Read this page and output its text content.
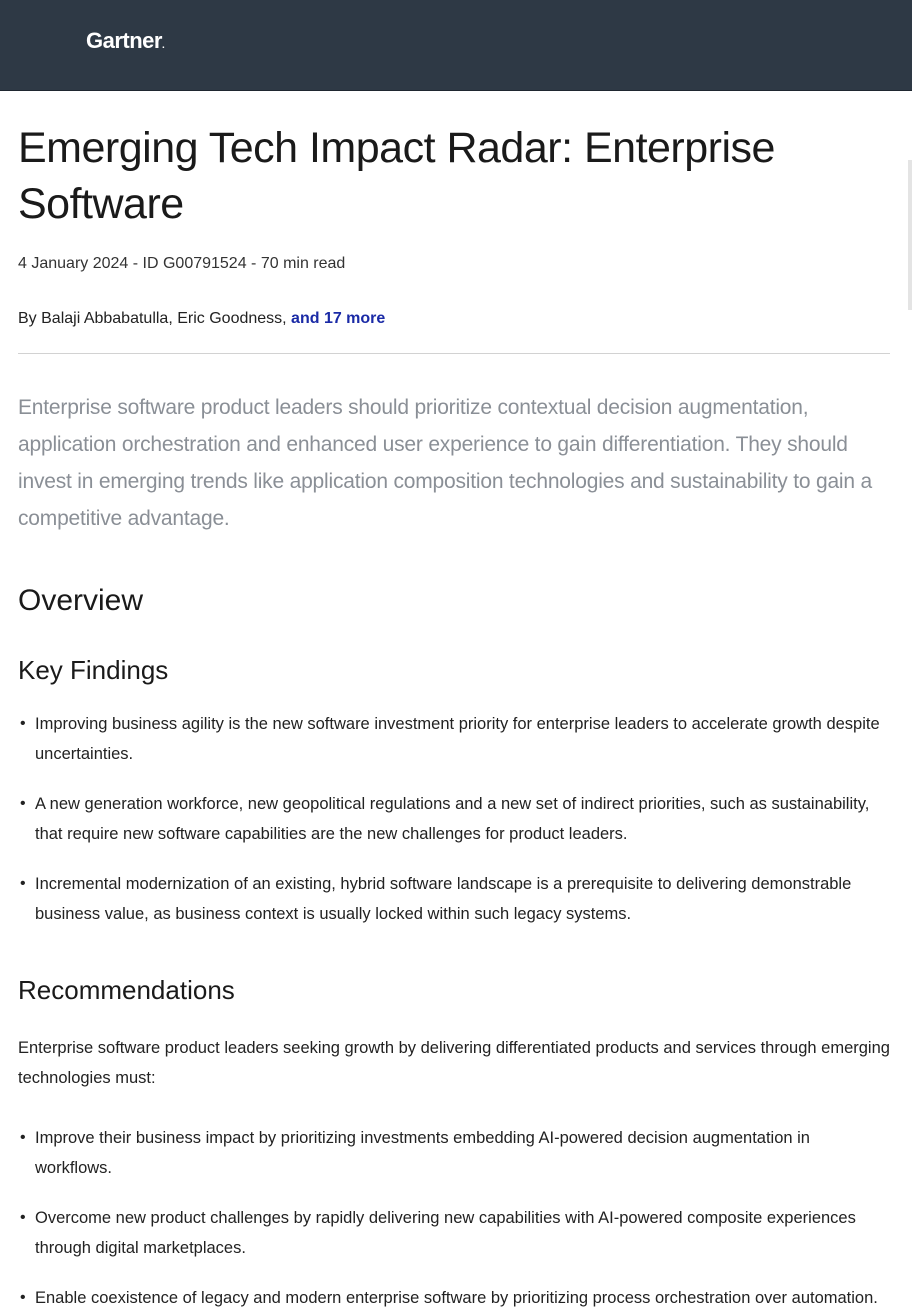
Gartner.
Emerging Tech Impact Radar: Enterprise Software
4 January 2024 - ID G00791524 - 70 min read
By Balaji Abbabatulla, Eric Goodness, and 17 more
Enterprise software product leaders should prioritize contextual decision augmentation, application orchestration and enhanced user experience to gain differentiation. They should invest in emerging trends like application composition technologies and sustainability to gain a competitive advantage.
Overview
Key Findings
• Improving business agility is the new software investment priority for enterprise leaders to accelerate growth despite uncertainties.
• A new generation workforce, new geopolitical regulations and a new set of indirect priorities, such as sustainability, that require new software capabilities are the new challenges for product leaders.
• Incremental modernization of an existing, hybrid software landscape is a prerequisite to delivering demonstrable business value, as business context is usually locked within such legacy systems.
Recommendations
Enterprise software product leaders seeking growth by delivering differentiated products and services through emerging technologies must:
• Improve their business impact by prioritizing investments embedding AI-powered decision augmentation in workflows.
• Overcome new product challenges by rapidly delivering new capabilities with AI-powered composite experiences through digital marketplaces.
• Enable coexistence of legacy and modern enterprise software by prioritizing process orchestration over automation.
